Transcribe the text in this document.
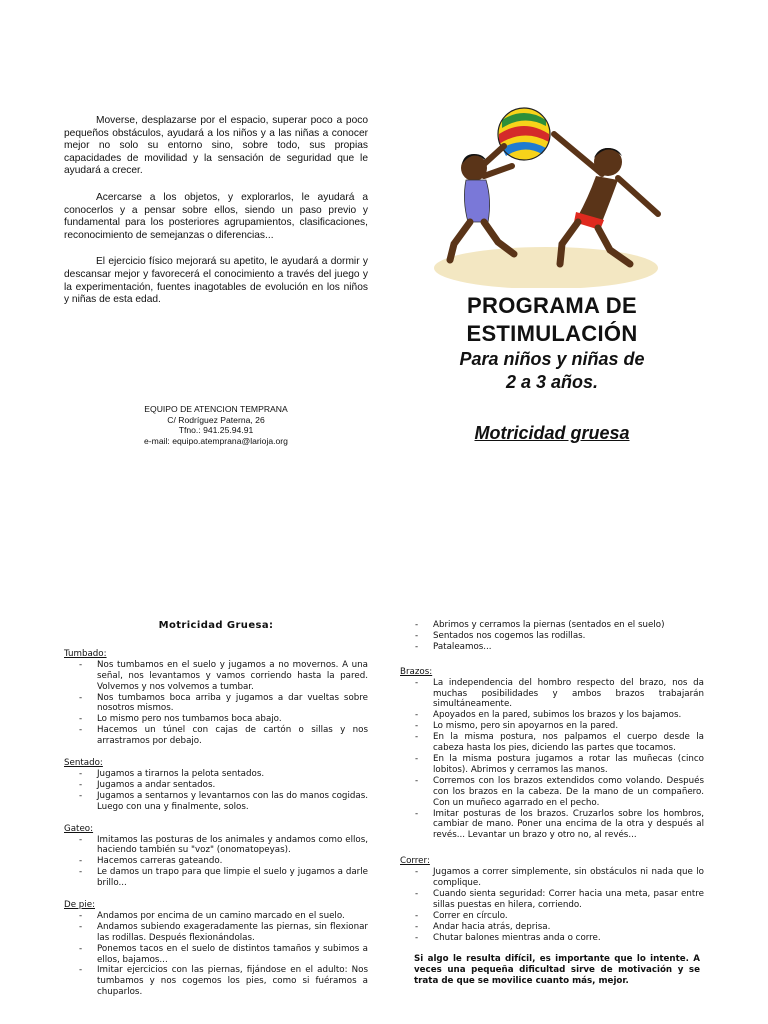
Moverse, desplazarse por el espacio, superar poco a poco pequeños obstáculos, ayudará a los niños y a las niñas a conocer mejor no solo su entorno sino, sobre todo, sus propias capacidades de movilidad y la sensación de seguridad que le ayudará a crecer.

Acercarse a los objetos, y explorarlos, le ayudará a conocerlos y a pensar sobre ellos, siendo un paso previo y fundamental para los posteriores agrupamientos, clasificaciones, reconocimiento de semejanzas o diferencias...

El ejercicio físico mejorará su apetito, le ayudará a dormir y descansar mejor y favorecerá el conocimiento a través del juego y la experimentación, fuentes inagotables de evolución en los niños y niñas de esta edad.

EQUIPO DE ATENCION TEMPRANA
C/ Rodríguez Paterna, 26
Tfno.: 941.25.94.91
e-mail: equipo.atemprana@larioja.org
PROGRAMA DE
ESTIMULACIÓN
Para niños y niñas de
2 a 3 años.
Motricidad gruesa
Motricidad Gruesa:

Tumbado:

- Nos tumbamos en el suelo y jugamos a no movernos. A una señal, nos levantamos y vamos corriendo hasta la pared. Volvemos y nos volvemos a tumbar.
- Nos tumbamos boca arriba y jugamos a dar vueltas sobre nosotros mismos.
- Lo mismo pero nos tumbamos boca abajo.
- Hacemos un túnel con cajas de cartón o sillas y nos arrastramos por debajo.

Sentado:

- Jugamos a tirarnos la pelota sentados.
- Jugamos a andar sentados.
- Jugamos a sentarnos y levantarnos con las do manos cogidas. Luego con una y finalmente, solos.

Gateo:

- Imitamos las posturas de los animales y andamos como ellos, haciendo también su "voz" (onomatopeyas).
- Hacemos carreras gateando.
- Le damos un trapo para que limpie el suelo y jugamos a darle brillo...

De pie:

- Andamos por encima de un camino marcado en el suelo.
- Andamos subiendo exageradamente las piernas, sin flexionar las rodillas. Después flexionándolas.
- Ponemos tacos en el suelo de distintos tamaños y subimos a ellos, bajamos...
- Imitar ejercicios con las piernas, fijándose en el adulto: Nos tumbamos y nos cogemos los pies, como si fuéramos a chuparlos.
- Abrimos y cerramos la piernas (sentados en el suelo)
- Sentados nos cogemos las rodillas.
- Pataleamos...

Brazos:

- La independencia del hombro respecto del brazo, nos da muchas posibilidades y ambos brazos trabajarán simultáneamente.
- Apoyados en la pared, subimos los brazos y los bajamos.
- Lo mismo, pero sin apoyarnos en la pared.
- En la misma postura, nos palpamos el cuerpo desde la cabeza hasta los pies, diciendo las partes que tocamos.
- En la misma postura jugamos a rotar las muñecas (cinco lobitos). Abrimos y cerramos las manos.
- Corremos con los brazos extendidos como volando. Después con los brazos en la cabeza. De la mano de un compañero. Con un muñeco agarrado en el pecho.
- Imitar posturas de los brazos. Cruzarlos sobre los hombros, cambiar de mano. Poner una encima de la otra y después al revés... Levantar un brazo y otro no, al revés...

Correr:

- Jugamos a correr simplemente, sin obstáculos ni nada que lo complique.
- Cuando sienta seguridad: Correr hacia una meta, pasar entre sillas puestas en hilera, corriendo.
- Correr en círculo.
- Andar hacia atrás, deprisa.
- Chutar balones mientras anda o corre.

Si algo le resulta difícil, es importante que lo intente. A veces una pequeña dificultad sirve de motivación y se trata de que se movilice cuanto más, mejor.
